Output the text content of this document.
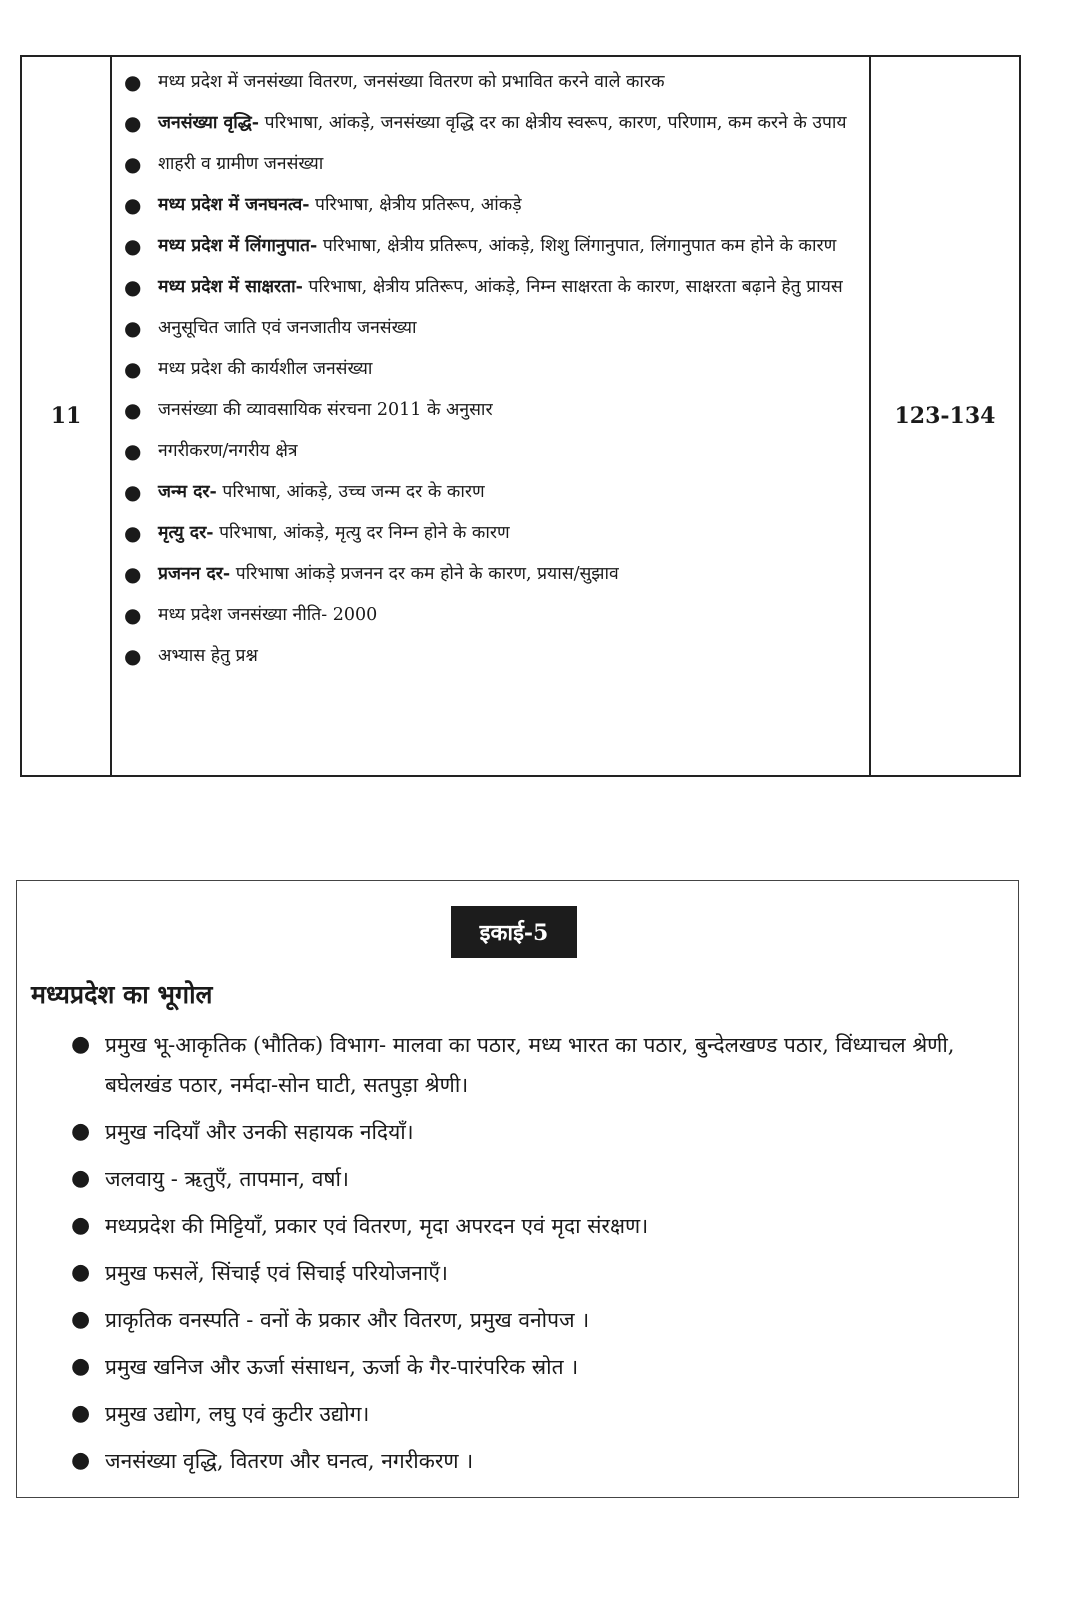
11
● मध्य प्रदेश में जनसंख्या वितरण, जनसंख्या वितरण को प्रभावित करने वाले कारक
● जनसंख्या वृद्धि- परिभाषा, आंकड़े, जनसंख्या वृद्धि दर का क्षेत्रीय स्वरूप, कारण, परिणाम, कम करने के उपाय
● शाहरी व ग्रामीण जनसंख्या
● मध्य प्रदेश में जनघनत्व- परिभाषा, क्षेत्रीय प्रतिरूप, आंकड़े
● मध्य प्रदेश में लिंगानुपात- परिभाषा, क्षेत्रीय प्रतिरूप, आंकड़े, शिशु लिंगानुपात, लिंगानुपात कम होने के कारण
● मध्य प्रदेश में साक्षरता- परिभाषा, क्षेत्रीय प्रतिरूप, आंकड़े, निम्न साक्षरता के कारण, साक्षरता बढ़ाने हेतु प्रायस
● अनुसूचित जाति एवं जनजातीय जनसंख्या
● मध्य प्रदेश की कार्यशील जनसंख्या
● जनसंख्या की व्यावसायिक संरचना 2011 के अनुसार
● नगरीकरण/नगरीय क्षेत्र
● जन्म दर- परिभाषा, आंकड़े, उच्च जन्म दर के कारण
● मृत्यु दर- परिभाषा, आंकड़े, मृत्यु दर निम्न होने के कारण
● प्रजनन दर- परिभाषा आंकड़े प्रजनन दर कम होने के कारण, प्रयास/सुझाव
● मध्य प्रदेश जनसंख्या नीति- 2000
● अभ्यास हेतु प्रश्न
123-134
इकाई-5
मध्यप्रदेश का भूगोल
● प्रमुख भू-आकृतिक (भौतिक) विभाग- मालवा का पठार, मध्य भारत का पठार, बुन्देलखण्ड पठार, विंध्याचल श्रेणी, बघेलखंड पठार, नर्मदा-सोन घाटी, सतपुड़ा श्रेणी।
● प्रमुख नदियाँ और उनकी सहायक नदियाँ।
● जलवायु - ऋतुएँ, तापमान, वर्षा।
● मध्यप्रदेश की मिट्टियाँ, प्रकार एवं वितरण, मृदा अपरदन एवं मृदा संरक्षण।
● प्रमुख फसलें, सिंचाई एवं सिचाई परियोजनाएँ।
● प्राकृतिक वनस्पति - वनों के प्रकार और वितरण, प्रमुख वनोपज ।
● प्रमुख खनिज और ऊर्जा संसाधन, ऊर्जा के गैर-पारंपरिक स्रोत ।
● प्रमुख उद्योग, लघु एवं कुटीर उद्योग।
● जनसंख्या वृद्धि, वितरण और घनत्व, नगरीकरण ।
